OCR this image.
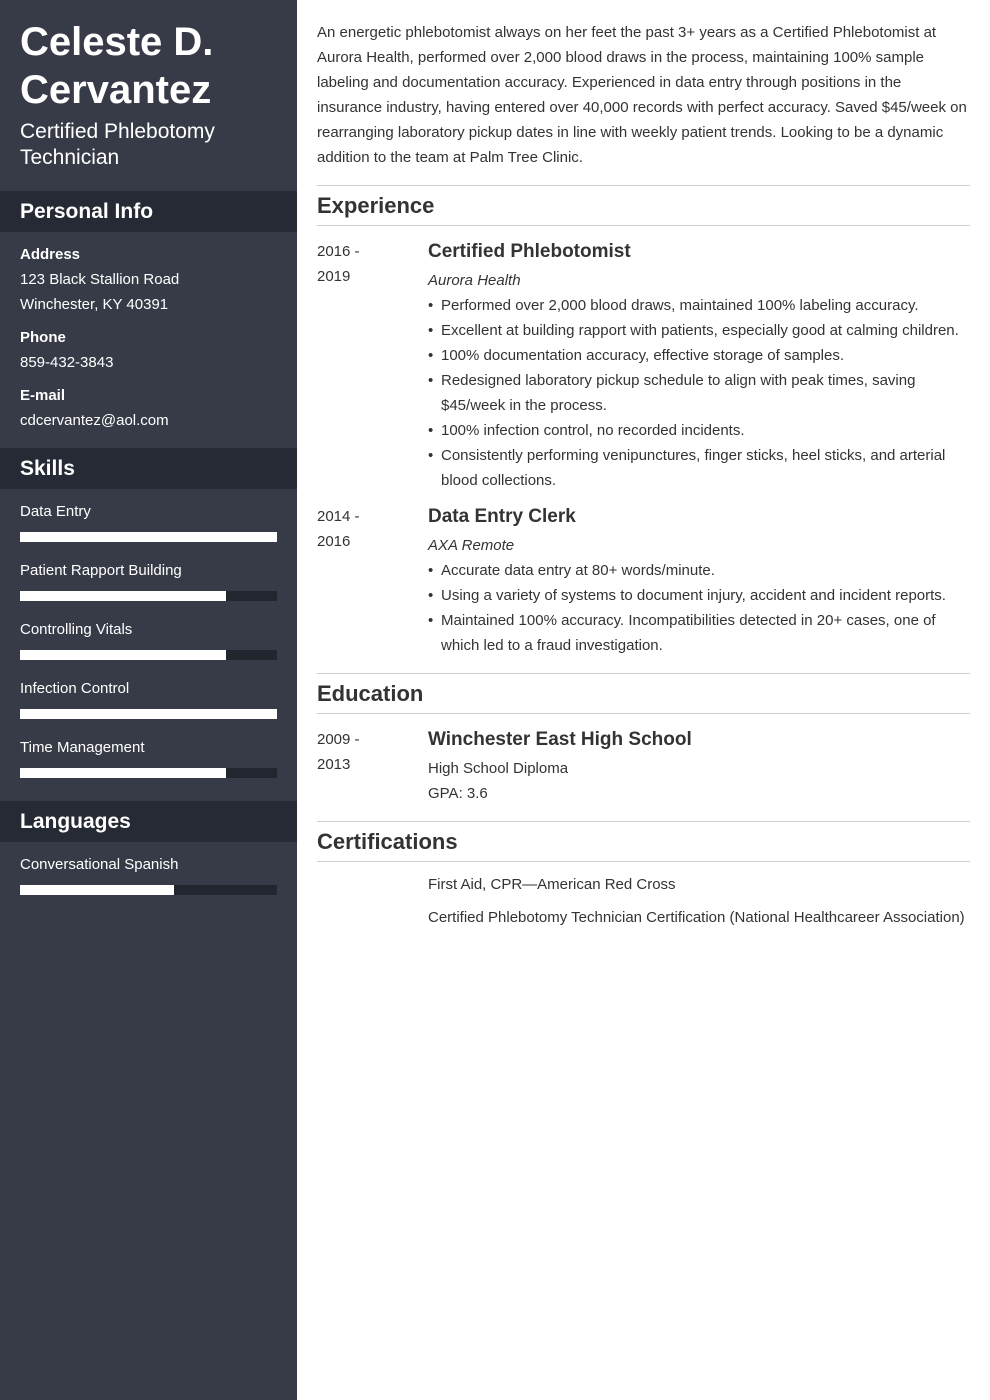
Celeste D. Cervantez
Certified Phlebotomy Technician
Personal Info
Address
123 Black Stallion Road
Winchester, KY 40391
Phone
859-432-3843
E-mail
cdcervantez@aol.com
Skills
Data Entry
Patient Rapport Building
Controlling Vitals
Infection Control
Time Management
Languages
Conversational Spanish
An energetic phlebotomist always on her feet the past 3+ years as a Certified Phlebotomist at Aurora Health, performed over 2,000 blood draws in the process, maintaining 100% sample labeling and documentation accuracy. Experienced in data entry through positions in the insurance industry, having entered over 40,000 records with perfect accuracy. Saved $45/week on rearranging laboratory pickup dates in line with weekly patient trends. Looking to be a dynamic addition to the team at Palm Tree Clinic.
Experience
2016 -
2019
Certified Phlebotomist
Aurora Health
• Performed over 2,000 blood draws, maintained 100% labeling accuracy.
• Excellent at building rapport with patients, especially good at calming children.
• 100% documentation accuracy, effective storage of samples.
• Redesigned laboratory pickup schedule to align with peak times, saving $45/week in the process.
• 100% infection control, no recorded incidents.
• Consistently performing venipunctures, finger sticks, heel sticks, and arterial blood collections.
2014 -
2016
Data Entry Clerk
AXA Remote
• Accurate data entry at 80+ words/minute.
• Using a variety of systems to document injury, accident and incident reports.
• Maintained 100% accuracy. Incompatibilities detected in 20+ cases, one of which led to a fraud investigation.
Education
2009 -
2013
Winchester East High School
High School Diploma
GPA: 3.6
Certifications
First Aid, CPR—American Red Cross
Certified Phlebotomy Technician Certification (National Healthcareer Association)
